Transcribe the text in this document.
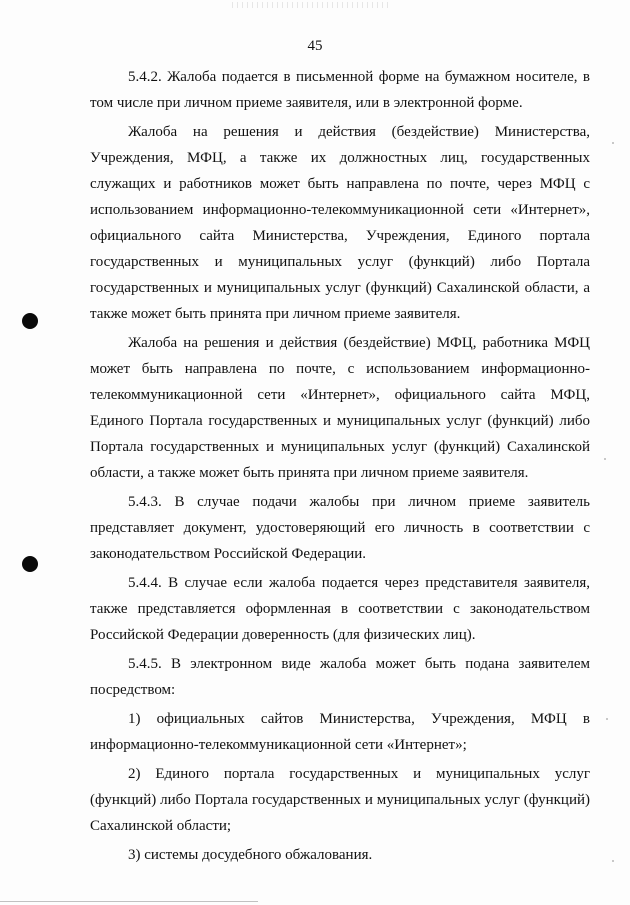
45

5.4.2. Жалоба подается в письменной форме на бумажном носителе, в том числе при личном приеме заявителя, или в электронной форме.

Жалоба на решения и действия (бездействие) Министерства, Учреждения, МФЦ, а также их должностных лиц, государственных служащих и работников может быть направлена по почте, через МФЦ с использованием информационно-телекоммуникационной сети «Интернет», официального сайта Министерства, Учреждения, Единого портала государственных и муниципальных услуг (функций) либо Портала государственных и муниципальных услуг (функций) Сахалинской области, а также может быть принята при личном приеме заявителя.

Жалоба на решения и действия (бездействие) МФЦ, работника МФЦ может быть направлена по почте, с использованием информационно-телекоммуникационной сети «Интернет», официального сайта МФЦ, Единого Портала государственных и муниципальных услуг (функций) либо Портала государственных и муниципальных услуг (функций) Сахалинской области, а также может быть принята при личном приеме заявителя.

5.4.3. В случае подачи жалобы при личном приеме заявитель представляет документ, удостоверяющий его личность в соответствии с законодательством Российской Федерации.

5.4.4. В случае если жалоба подается через представителя заявителя, также представляется оформленная в соответствии с законодательством Российской Федерации доверенность (для физических лиц).

5.4.5. В электронном виде жалоба может быть подана заявителем посредством:

1) официальных сайтов Министерства, Учреждения, МФЦ в информационно-телекоммуникационной сети «Интернет»;

2) Единого портала государственных и муниципальных услуг (функций) либо Портала государственных и муниципальных услуг (функций) Сахалинской области;

3) системы досудебного обжалования.
